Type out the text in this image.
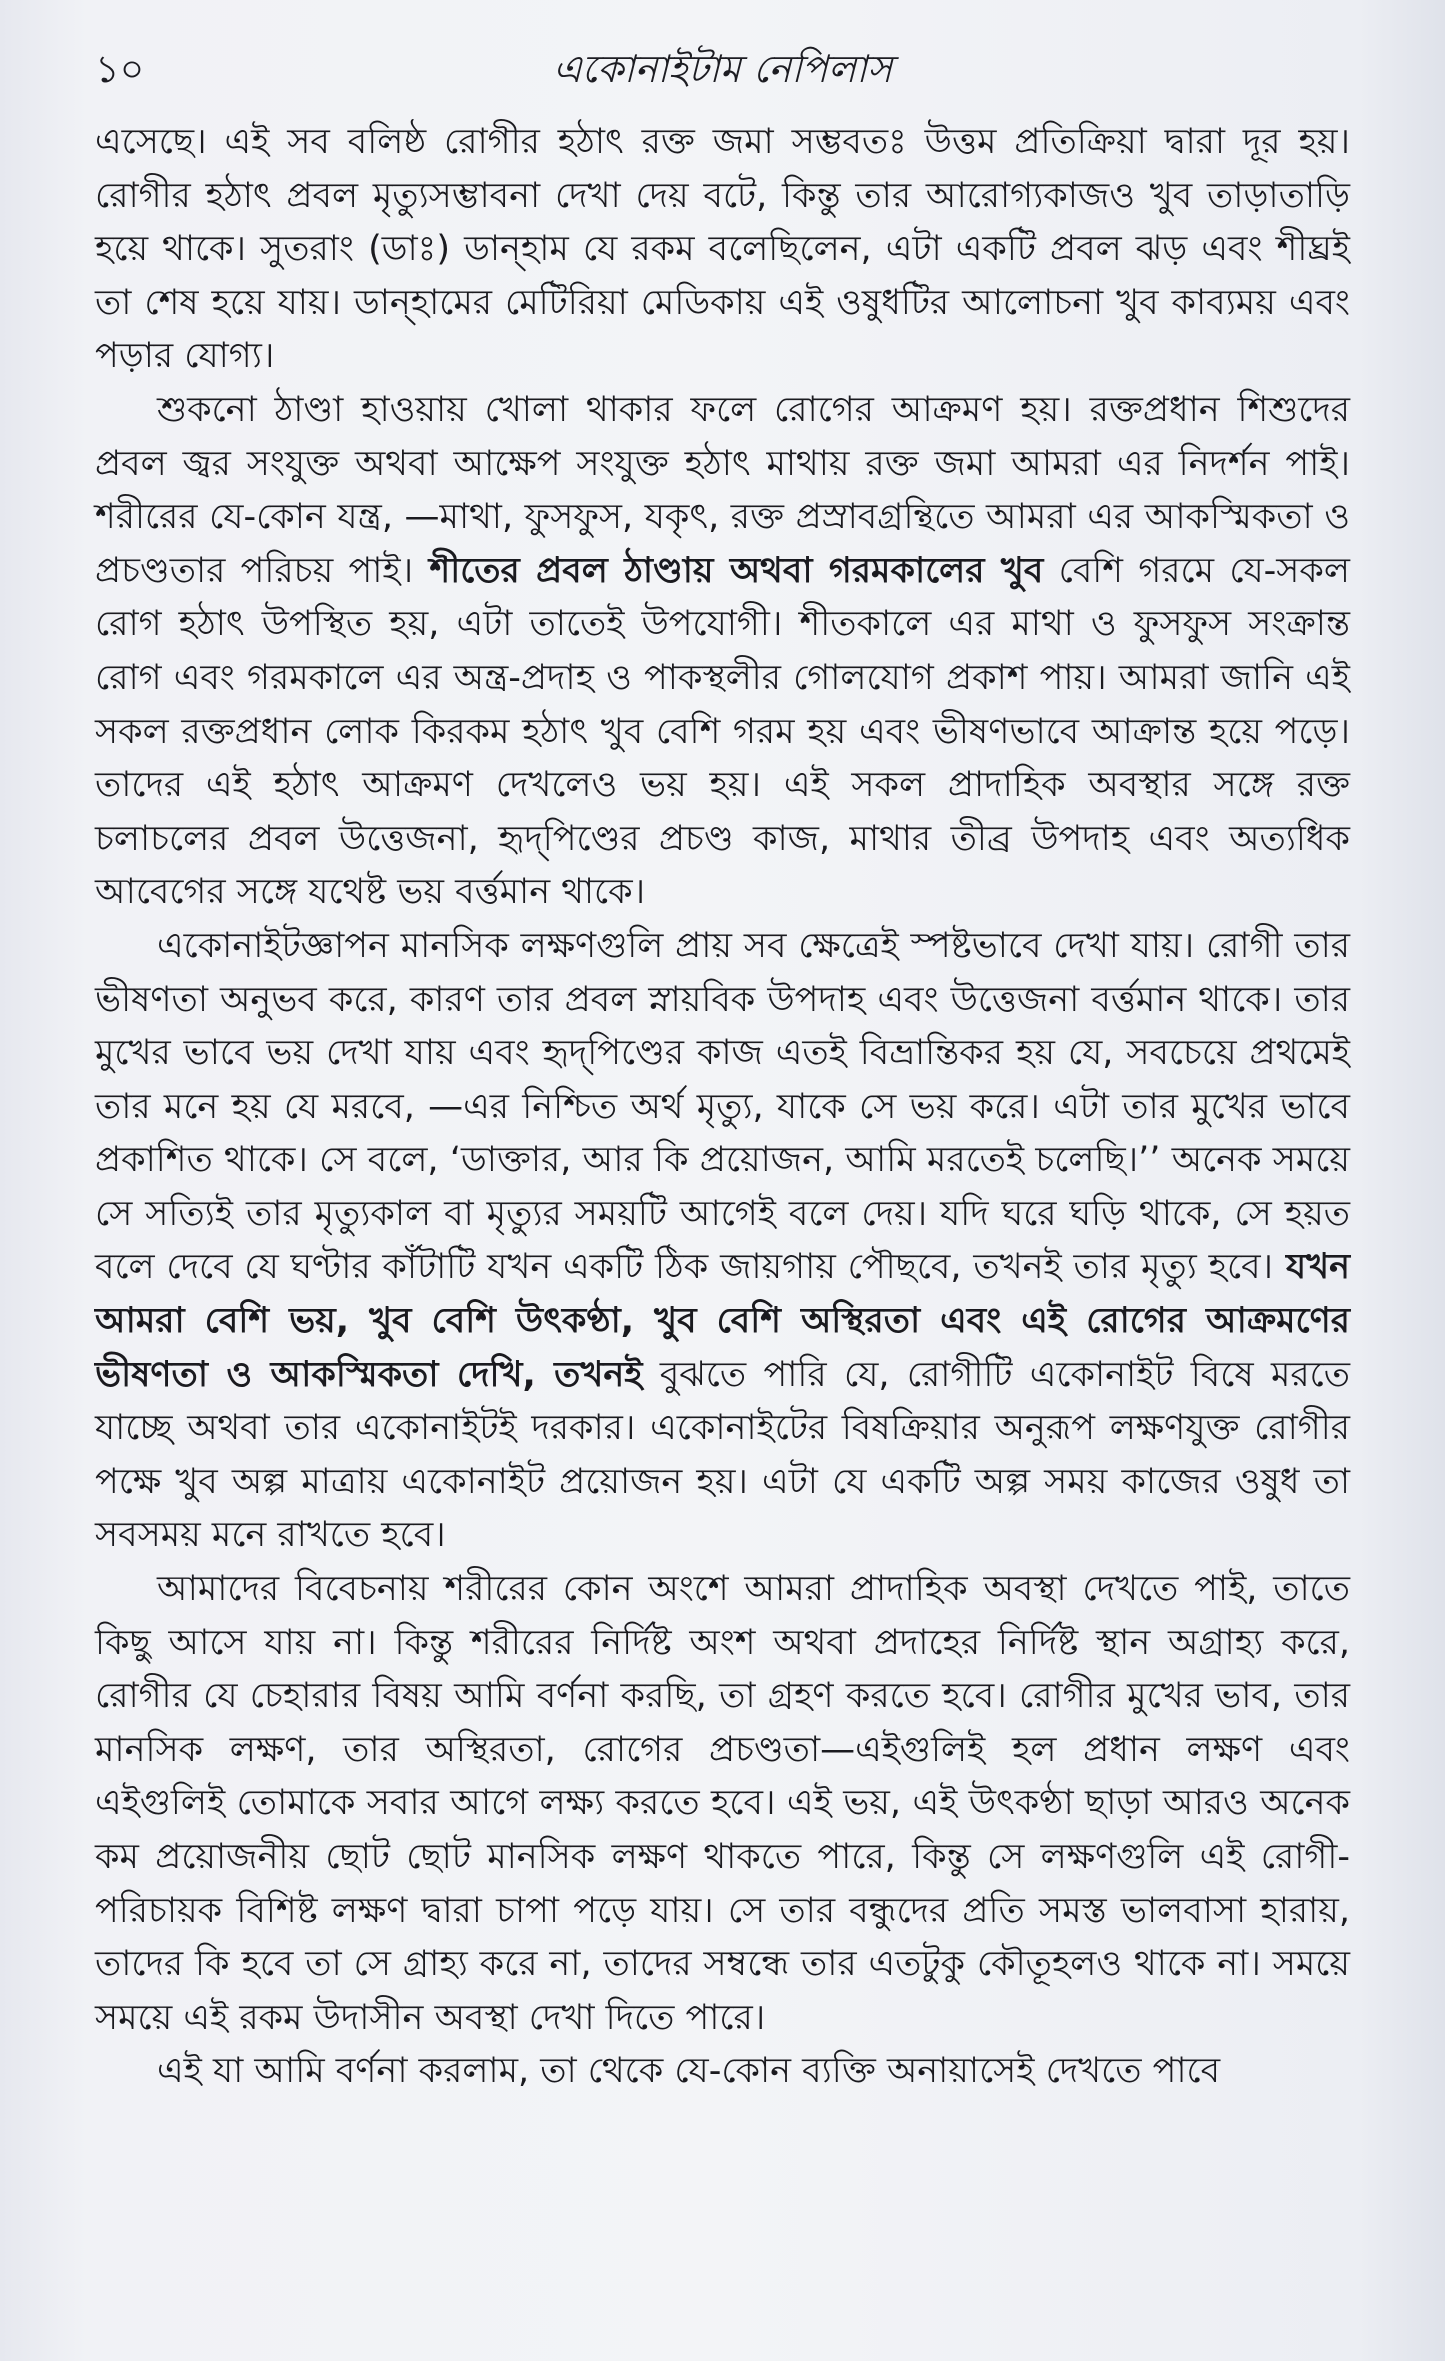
১০	একোনাইটাম নেপিলাস

এসেছে। এই সব বলিষ্ঠ রোগীর হঠাৎ রক্ত জমা সম্ভবতঃ উত্তম প্রতিক্রিয়া দ্বারা দূর হয়। রোগীর হঠাৎ প্রবল মৃত্যুসম্ভাবনা দেখা দেয় বটে, কিন্তু তার আরোগ্যকাজও খুব তাড়াতাড়ি হয়ে থাকে। সুতরাং (ডাঃ) ডান্‌হাম যে রকম বলেছিলেন, এটা একটি প্রবল ঝড় এবং শীঘ্রই তা শেষ হয়ে যায়। ডান্‌হামের মেটিরিয়া মেডিকায় এই ওষুধটির আলোচনা খুব কাব্যময় এবং পড়ার যোগ্য।

শুকনো ঠাণ্ডা হাওয়ায় খোলা থাকার ফলে রোগের আক্রমণ হয়। রক্তপ্রধান শিশুদের প্রবল জ্বর সংযুক্ত অথবা আক্ষেপ সংযুক্ত হঠাৎ মাথায় রক্ত জমা আমরা এর নিদর্শন পাই। শরীরের যে-কোন যন্ত্র, —মাথা, ফুসফুস, যকৃৎ, রক্ত প্রস্রাবগ্রন্থিতে আমরা এর আকস্মিকতা ও প্রচণ্ডতার পরিচয় পাই। শীতের প্রবল ঠাণ্ডায় অথবা গরমকালের খুব বেশি গরমে যে-সকল রোগ হঠাৎ উপস্থিত হয়, এটা তাতেই উপযোগী। শীতকালে এর মাথা ও ফুসফুস সংক্রান্ত রোগ এবং গরমকালে এর অন্ত্র-প্রদাহ ও পাকস্থলীর গোলযোগ প্রকাশ পায়। আমরা জানি এই সকল রক্তপ্রধান লোক কিরকম হঠাৎ খুব বেশি গরম হয় এবং ভীষণভাবে আক্রান্ত হয়ে পড়ে। তাদের এই হঠাৎ আক্রমণ দেখলেও ভয় হয়। এই সকল প্রাদাহিক অবস্থার সঙ্গে রক্ত চলাচলের প্রবল উত্তেজনা, হৃদ্‌পিণ্ডের প্রচণ্ড কাজ, মাথার তীব্র উপদাহ এবং অত্যধিক আবেগের সঙ্গে যথেষ্ট ভয় বর্ত্তমান থাকে।

একোনাইটজ্ঞাপন মানসিক লক্ষণগুলি প্রায় সব ক্ষেত্রেই স্পষ্টভাবে দেখা যায়। রোগী তার ভীষণতা অনুভব করে, কারণ তার প্রবল স্নায়বিক উপদাহ এবং উত্তেজনা বর্ত্তমান থাকে। তার মুখের ভাবে ভয় দেখা যায় এবং হৃদ্‌পিণ্ডের কাজ এতই বিভ্রান্তিকর হয় যে, সবচেয়ে প্রথমেই তার মনে হয় যে মরবে, —এর নিশ্চিত অর্থ মৃত্যু, যাকে সে ভয় করে। এটা তার মুখের ভাবে প্রকাশিত থাকে। সে বলে, ‘ডাক্তার, আর কি প্রয়োজন, আমি মরতেই চলেছি।’’ অনেক সময়ে সে সত্যিই তার মৃত্যুকাল বা মৃত্যুর সময়টি আগেই বলে দেয়। যদি ঘরে ঘড়ি থাকে, সে হয়ত বলে দেবে যে ঘণ্টার কাঁটাটি যখন একটি ঠিক জায়গায় পৌছবে, তখনই তার মৃত্যু হবে। যখন আমরা বেশি ভয়, খুব বেশি উৎকণ্ঠা, খুব বেশি অস্থিরতা এবং এই রোগের আক্রমণের ভীষণতা ও আকস্মিকতা দেখি, তখনই বুঝতে পারি যে, রোগীটি একোনাইট বিষে মরতে যাচ্ছে অথবা তার একোনাইটই দরকার। একোনাইটের বিষক্রিয়ার অনুরূপ লক্ষণযুক্ত রোগীর পক্ষে খুব অল্প মাত্রায় একোনাইট প্রয়োজন হয়। এটা যে একটি অল্প সময় কাজের ওষুধ তা সবসময় মনে রাখতে হবে।

আমাদের বিবেচনায় শরীরের কোন অংশে আমরা প্রাদাহিক অবস্থা দেখতে পাই, তাতে কিছু আসে যায় না। কিন্তু শরীরের নির্দিষ্ট অংশ অথবা প্রদাহের নির্দিষ্ট স্থান অগ্রাহ্য করে, রোগীর যে চেহারার বিষয় আমি বর্ণনা করছি, তা গ্রহণ করতে হবে। রোগীর মুখের ভাব, তার মানসিক লক্ষণ, তার অস্থিরতা, রোগের প্রচণ্ডতা—এইগুলিই হল প্রধান লক্ষণ এবং এইগুলিই তোমাকে সবার আগে লক্ষ্য করতে হবে। এই ভয়, এই উৎকণ্ঠা ছাড়া আরও অনেক কম প্রয়োজনীয় ছোট ছোট মানসিক লক্ষণ থাকতে পারে, কিন্তু সে লক্ষণগুলি এই রোগী-পরিচায়ক বিশিষ্ট লক্ষণ দ্বারা চাপা পড়ে যায়। সে তার বন্ধুদের প্রতি সমস্ত ভালবাসা হারায়, তাদের কি হবে তা সে গ্রাহ্য করে না, তাদের সম্বন্ধে তার এতটুকু কৌতূহলও থাকে না। সময়ে সময়ে এই রকম উদাসীন অবস্থা দেখা দিতে পারে।

এই যা আমি বর্ণনা করলাম, তা থেকে যে-কোন ব্যক্তি অনায়াসেই দেখতে পাবে
